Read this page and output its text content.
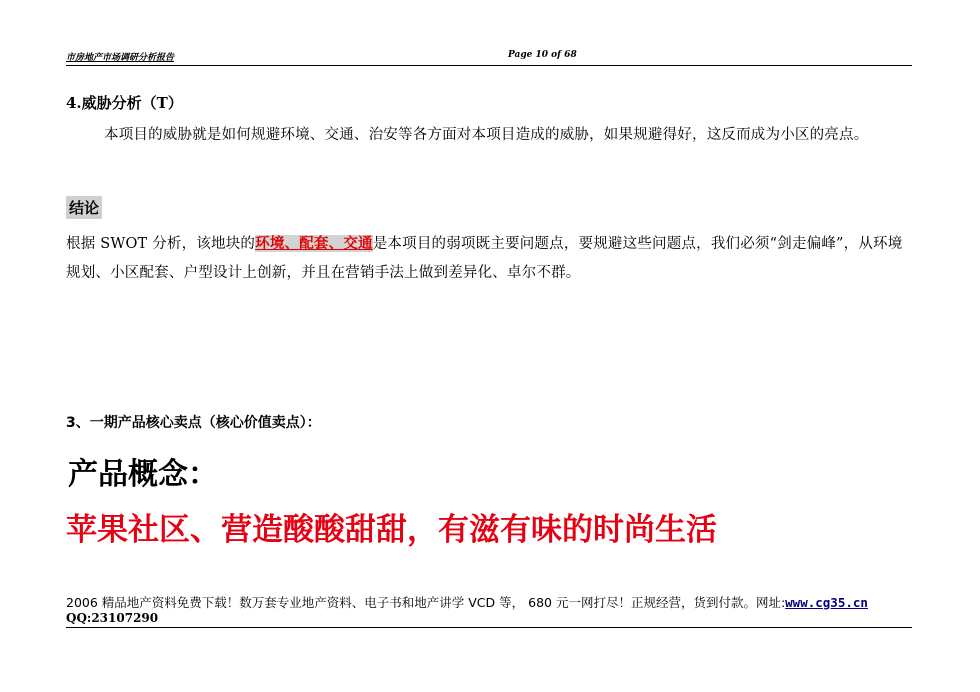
市房地产市场调研分析报告	Page 10 of 68
4.威胁分析（T）
本项目的威胁就是如何规避环境、交通、治安等各方面对本项目造成的威胁，如果规避得好，这反而成为小区的亮点。
结论
根据 SWOT 分析，该地块的环境、配套、交通是本项目的弱项既主要问题点，要规避这些问题点，我们必须“剑走偏峰”，从环境规划、小区配套、户型设计上创新，并且在营销手法上做到差异化、卓尔不群。
3、一期产品核心卖点（核心价值卖点）：
产品概念：
苹果社区、营造酸酸甜甜，有滋有味的时尚生活
2006 精品地产资料免费下载！数万套专业地产资料、电子书和地产讲学 VCD 等， 680 元一网打尽！正规经营，货到付款。网址:www.cg35.cn
QQ:23107290
